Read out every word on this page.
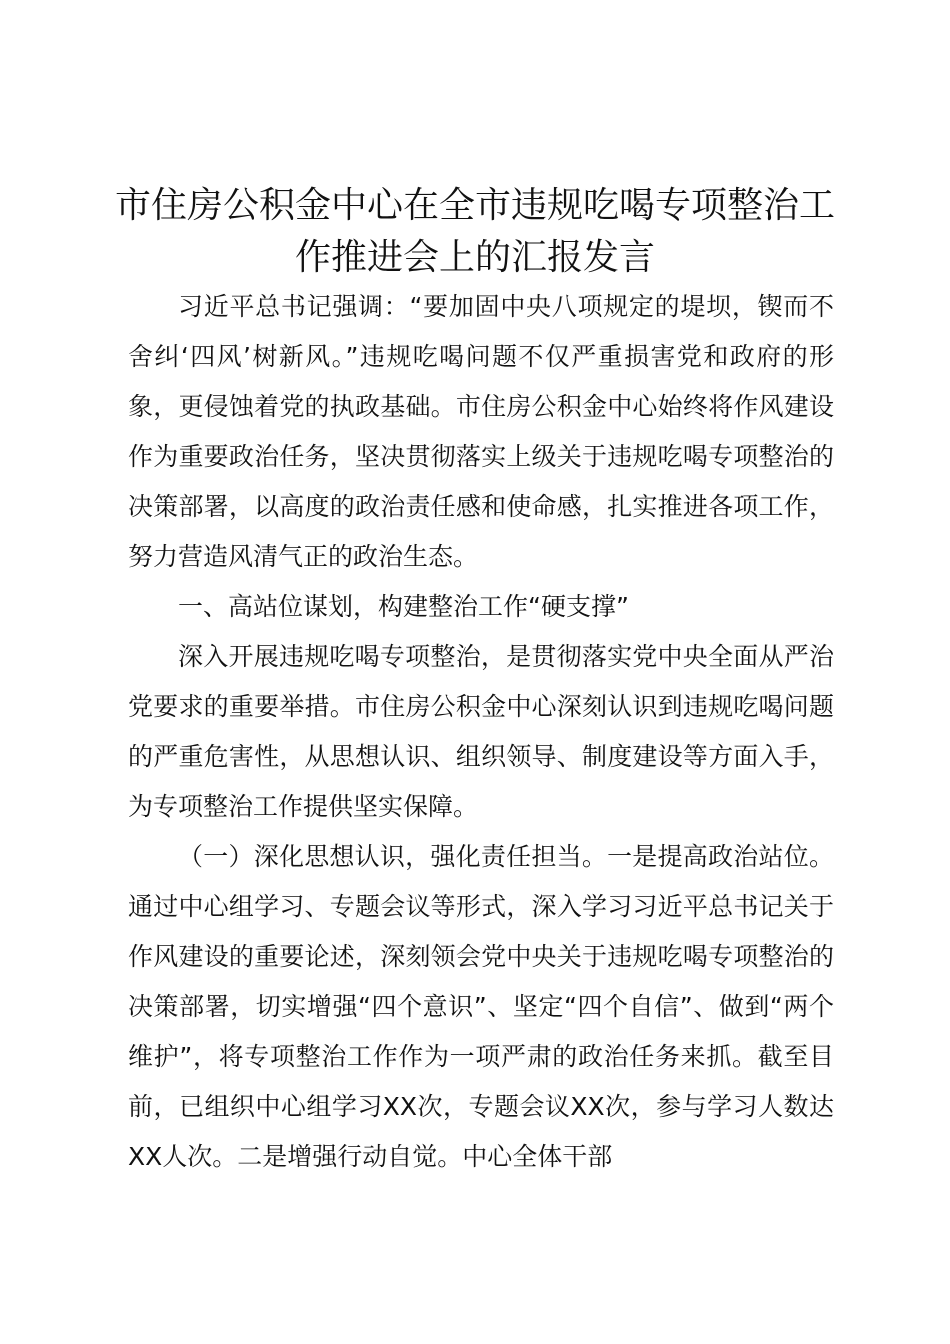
市住房公积金中心在全市违规吃喝专项整治工作推进会上的汇报发言

习近平总书记强调：“要加固中央八项规定的堤坝，锲而不舍纠‘四风’树新风。”违规吃喝问题不仅严重损害党和政府的形象，更侵蚀着党的执政基础。市住房公积金中心始终将作风建设作为重要政治任务，坚决贯彻落实上级关于违规吃喝专项整治的决策部署，以高度的政治责任感和使命感，扎实推进各项工作，努力营造风清气正的政治生态。

一、高站位谋划，构建整治工作“硬支撑”

深入开展违规吃喝专项整治，是贯彻落实党中央全面从严治党要求的重要举措。市住房公积金中心深刻认识到违规吃喝问题的严重危害性，从思想认识、组织领导、制度建设等方面入手，为专项整治工作提供坚实保障。

（一）深化思想认识，强化责任担当。一是提高政治站位。通过中心组学习、专题会议等形式，深入学习习近平总书记关于作风建设的重要论述，深刻领会党中央关于违规吃喝专项整治的决策部署，切实增强“四个意识”、坚定“四个自信”、做到“两个维护”，将专项整治工作作为一项严肃的政治任务来抓。截至目前，已组织中心组学习XX次，专题会议XX次，参与学习人数达XX人次。二是增强行动自觉。中心全体干部
